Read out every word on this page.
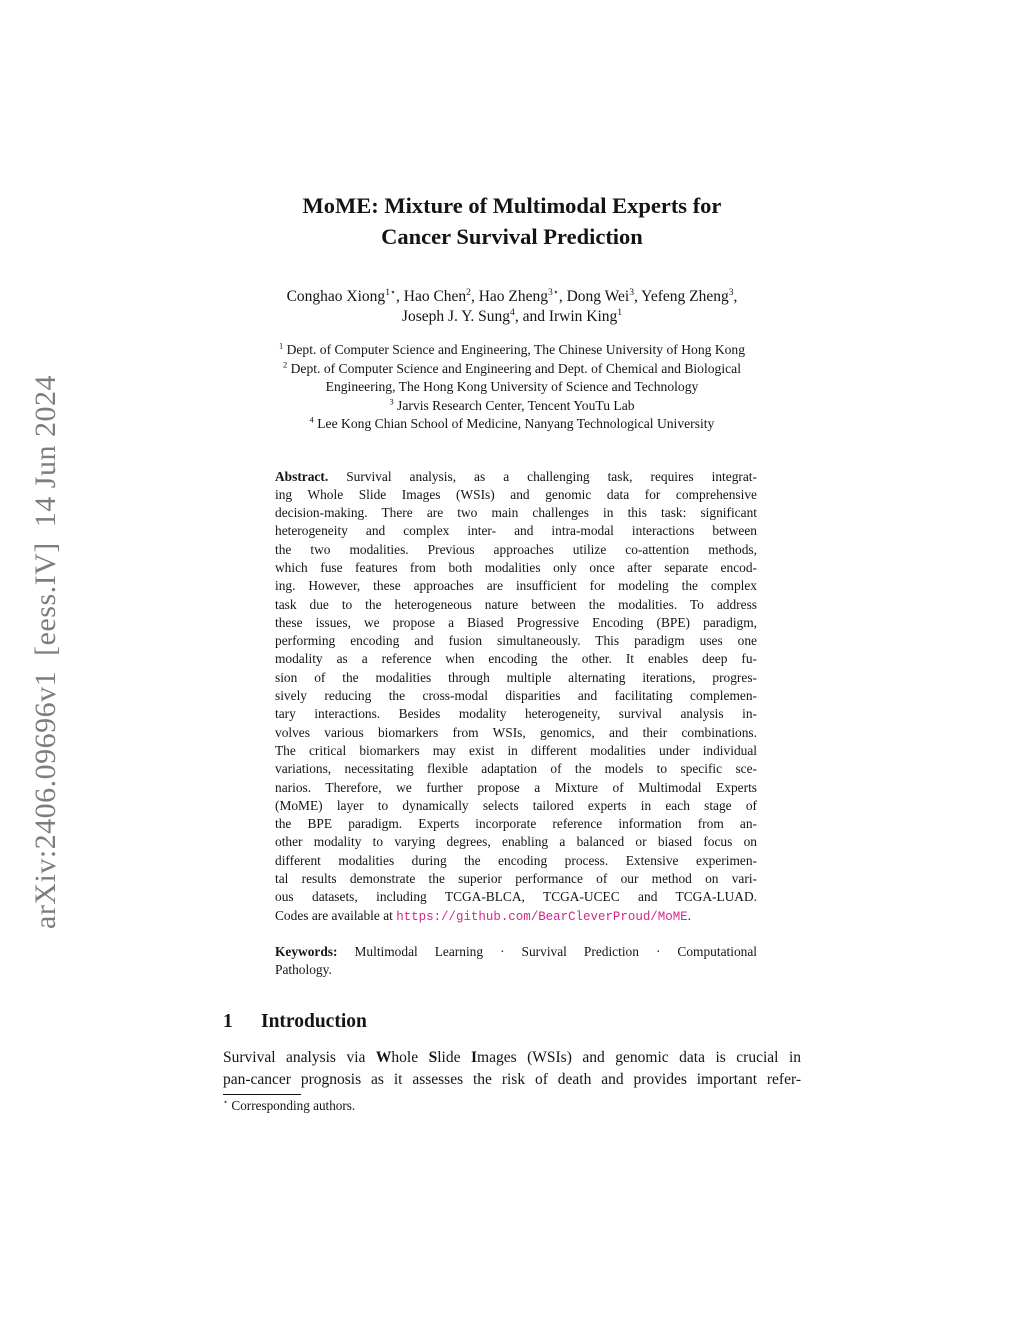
arXiv:2406.09696v1[eess.IV]14 Jun 2024
MoME: Mixture of Multimodal Experts for
Cancer Survival Prediction
Conghao Xiong$^{1⋆}$, Hao Chen$^2$, Hao Zheng$^{3⋆}$, Dong Wei$^3$, Yefeng Zheng$^3$,
Joseph J. Y. Sung$^4$, and Irwin King$^1$
$^1$ Dept. of Computer Science and Engineering, The Chinese University of Hong Kong
$^2$ Dept. of Computer Science and Engineering and Dept. of Chemical and Biological
Engineering, The Hong Kong University of Science and Technology
$^3$ Jarvis Research Center, Tencent YouTu Lab
$^4$ Lee Kong Chian School of Medicine, Nanyang Technological University
Abstract. Survival analysis, as a challenging task, requires integrat-
ing Whole Slide Images (WSIs) and genomic data for comprehensive
decision-making. There are two main challenges in this task: significant
heterogeneity and complex inter- and intra-modal interactions between
the two modalities. Previous approaches utilize co-attention methods,
which fuse features from both modalities only once after separate encod-
ing. However, these approaches are insufficient for modeling the complex
task due to the heterogeneous nature between the modalities. To address
these issues, we propose a Biased Progressive Encoding (BPE) paradigm,
performing encoding and fusion simultaneously. This paradigm uses one
modality as a reference when encoding the other. It enables deep fu-
sion of the modalities through multiple alternating iterations, progres-
sively reducing the cross-modal disparities and facilitating complemen-
tary interactions. Besides modality heterogeneity, survival analysis in-
volves various biomarkers from WSIs, genomics, and their combinations.
The critical biomarkers may exist in different modalities under individual
variations, necessitating flexible adaptation of the models to specific sce-
narios. Therefore, we further propose a Mixture of Multimodal Experts
(MoME) layer to dynamically selects tailored experts in each stage of
the BPE paradigm. Experts incorporate reference information from an-
other modality to varying degrees, enabling a balanced or biased focus on
different modalities during the encoding process. Extensive experimen-
tal results demonstrate the superior performance of our method on vari-
ous datasets, including TCGA-BLCA, TCGA-UCEC and TCGA-LUAD.
Codes are available at https://github.com/BearCleverProud/MoME.
Keywords: Multimodal Learning · Survival Prediction · Computational
Pathology.
1 Introduction
Survival analysis via Whole Slide Images (WSIs) and genomic data is crucial in
pan-cancer prognosis as it assesses the risk of death and provides important refer-
⋆ Corresponding authors.
